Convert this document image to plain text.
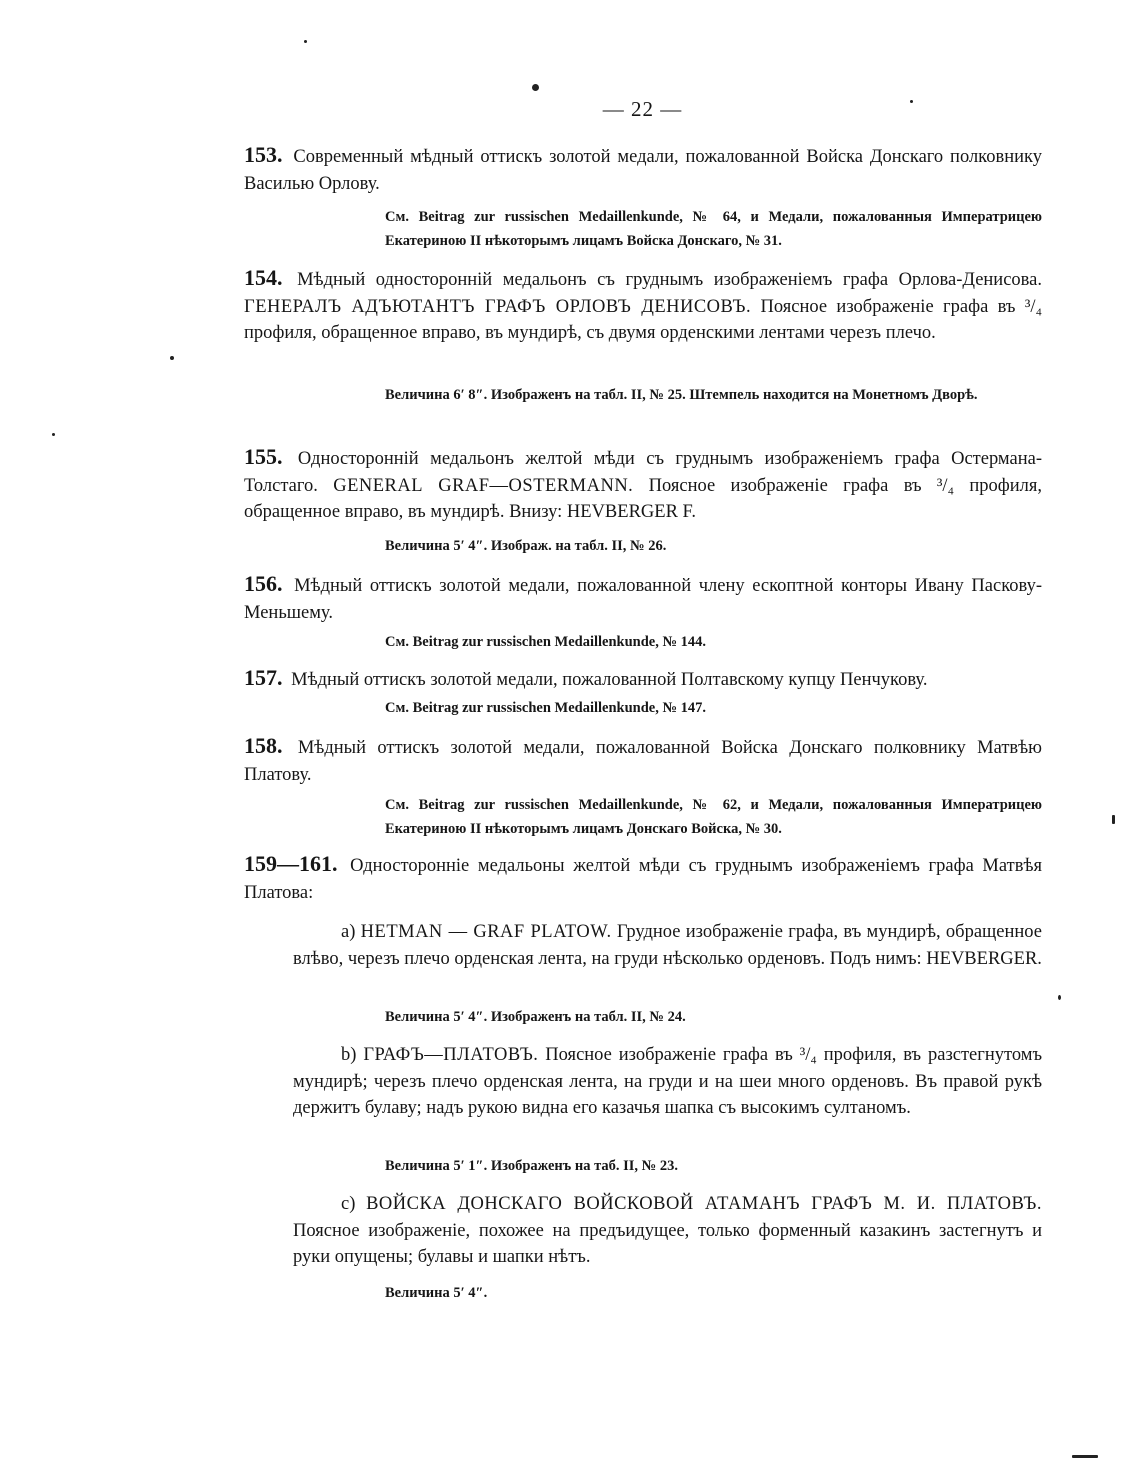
— 22 —
153. Современный мѣдный оттискъ золотой медали, пожалованной Войска Донскаго полковнику Василью Орлову.
См. Beitrag zur russischen Medaillenkunde, № 64, и Медали, пожалованныя Императрицею Екатериною II нѣкоторымъ лицамъ Войска Донскаго, № 31.
154. Мѣдный односторонній медальонъ съ груднымъ изображеніемъ графа Орлова-Денисова. ГЕНЕРАЛЪ АДЪЮТАНТЪ ГРАФЪ ОРЛОВЪ ДЕНИСОВЪ. Поясное изображеніе графа въ ³/₄ профиля, обращенное вправо, въ мундирѣ, съ двумя орденскими лентами черезъ плечо.
Величина 6′ 8″. Изображенъ на табл. II, № 25. Штемпель находится на Монетномъ Дворѣ.
155. Односторонній медальонъ желтой мѣди съ груднымъ изображеніемъ графа Остермана-Толстаго. GENERAL GRAF—OSTERMANN. Поясное изображеніе графа въ ³/₄ профиля, обращенное вправо, въ мундирѣ. Внизу: HEVBERGER F.
Величина 5′ 4″. Изображ. на табл. II, № 26.
156. Мѣдный оттискъ золотой медали, пожалованной члену ескоптной конторы Ивану Паскову-Меньшему.
См. Beitrag zur russischen Medaillenkunde, № 144.
157. Мѣдный оттискъ золотой медали, пожалованной Полтавскому купцу Пенчукову.
См. Beitrag zur russischen Medaillenkunde, № 147.
158. Мѣдный оттискъ золотой медали, пожалованной Войска Донскаго полковнику Матвѣю Платову.
См. Beitrag zur russischen Medaillenkunde, № 62, и Медали, пожалованныя Императрицею Екатериною II нѣкоторымъ лицамъ Донскаго Войска, № 30.
159—161. Односторонніе медальоны желтой мѣди съ груднымъ изображеніемъ графа Матвѣя Платова:
a) HETMAN — GRAF PLATOW. Грудное изображеніе графа, въ мундирѣ, обращенное влѣво, черезъ плечо орденская лента, на груди нѣсколько орденовъ. Подъ нимъ: HEVBERGER.
Величина 5′ 4″. Изображенъ на табл. II, № 24.
b) ГРАФЪ—ПЛАТОВЪ. Поясное изображеніе графа въ ³/₄ профиля, въ разстегнутомъ мундирѣ; черезъ плечо орденская лента, на груди и на шеи много орденовъ. Въ правой рукѣ держитъ булаву; надъ рукою видна его казачья шапка съ высокимъ султаномъ.
Величина 5′ 1″. Изображенъ на таб. II, № 23.
c) ВОЙСКА ДОНСКАГО ВОЙСКОВОЙ АТАМАНЪ ГРАФЪ М. И. ПЛАТОВЪ. Поясное изображеніе, похожее на предъидущее, только форменный казакинъ застегнутъ и руки опущены; булавы и шапки нѣтъ.
Величина 5′ 4″.
